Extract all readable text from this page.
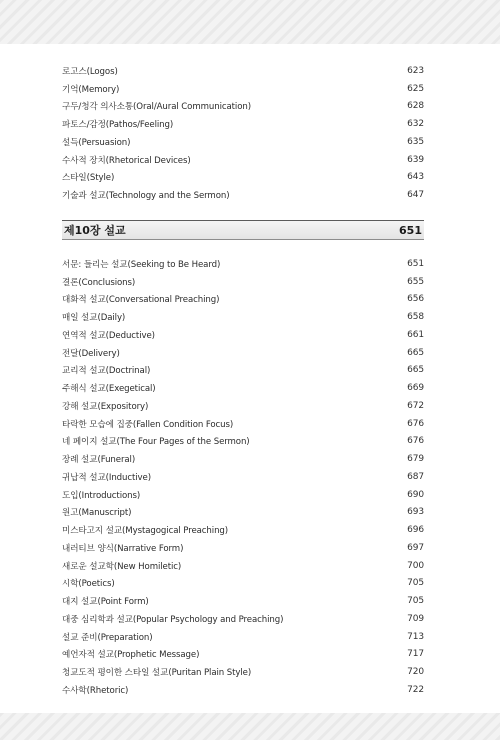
로고스(Logos)	623
기억(Memory)	625
구두/청각 의사소통(Oral/Aural Communication)	628
파토스/감정(Pathos/Feeling)	632
설득(Persuasion)	635
수사적 장치(Rhetorical Devices)	639
스타일(Style)	643
기술과 설교(Technology and the Sermon)	647
제10장 설교	651
서문: 들리는 설교(Seeking to Be Heard)	651
결론(Conclusions)	655
대화적 설교(Conversational Preaching)	656
매일 설교(Daily)	658
연역적 설교(Deductive)	661
전달(Delivery)	665
교리적 설교(Doctrinal)	665
주해식 설교(Exegetical)	669
강해 설교(Expository)	672
타락한 모습에 집중(Fallen Condition Focus)	676
네 페이지 설교(The Four Pages of the Sermon)	676
장례 설교(Funeral)	679
귀납적 설교(Inductive)	687
도입(Introductions)	690
원고(Manuscript)	693
미스타고지 설교(Mystagogical Preaching)	696
내러티브 양식(Narrative Form)	697
새로운 설교학(New Homiletic)	700
시학(Poetics)	705
대지 설교(Point Form)	705
대중 심리학과 설교(Popular Psychology and Preaching)	709
설교 준비(Preparation)	713
예언자적 설교(Prophetic Message)	717
청교도적 평이한 스타일 설교(Puritan Plain Style)	720
수사학(Rhetoric)	722
